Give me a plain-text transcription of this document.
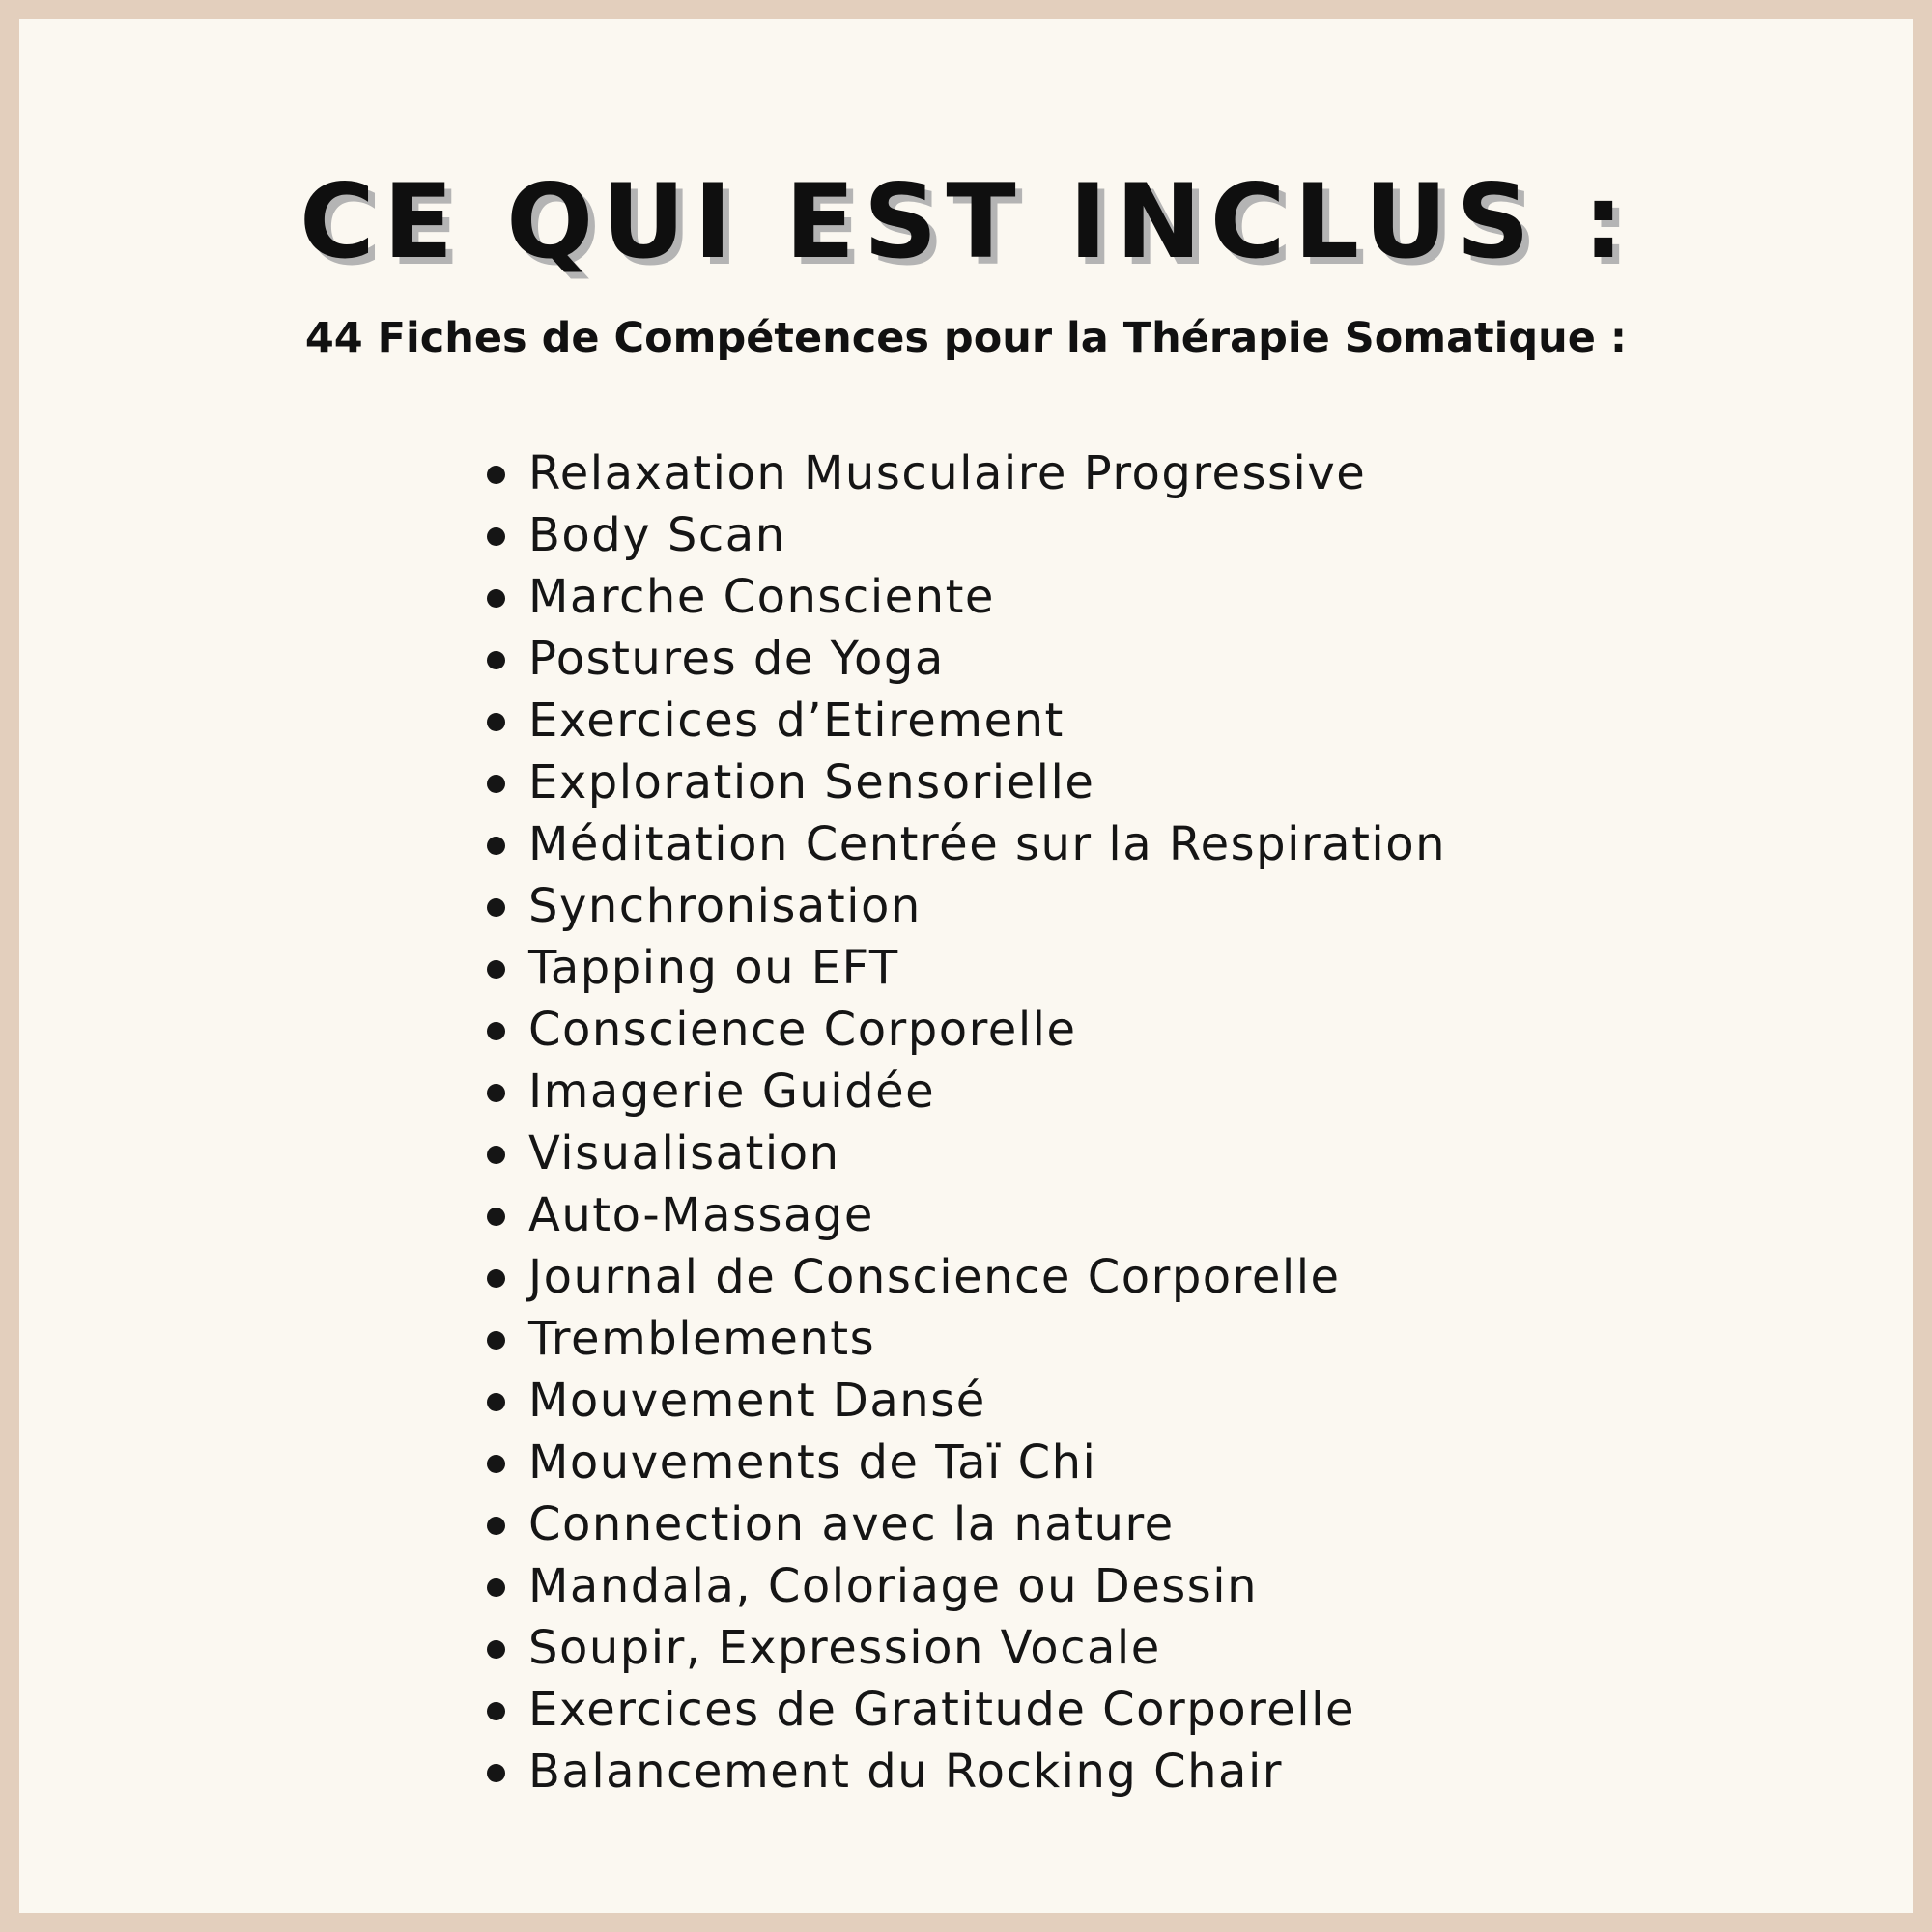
CE QUI EST INCLUS :
44 Fiches de Compétences pour la Thérapie Somatique :
Relaxation Musculaire Progressive
Body Scan
Marche Consciente
Postures de Yoga
Exercices d’Etirement
Exploration Sensorielle
Méditation Centrée sur la Respiration
Synchronisation
Tapping ou EFT
Conscience Corporelle
Imagerie Guidée
Visualisation
Auto-Massage
Journal de Conscience Corporelle
Tremblements
Mouvement Dansé
Mouvements de Taï Chi
Connection avec la nature
Mandala, Coloriage ou Dessin
Soupir, Expression Vocale
Exercices de Gratitude Corporelle
Balancement du Rocking Chair
